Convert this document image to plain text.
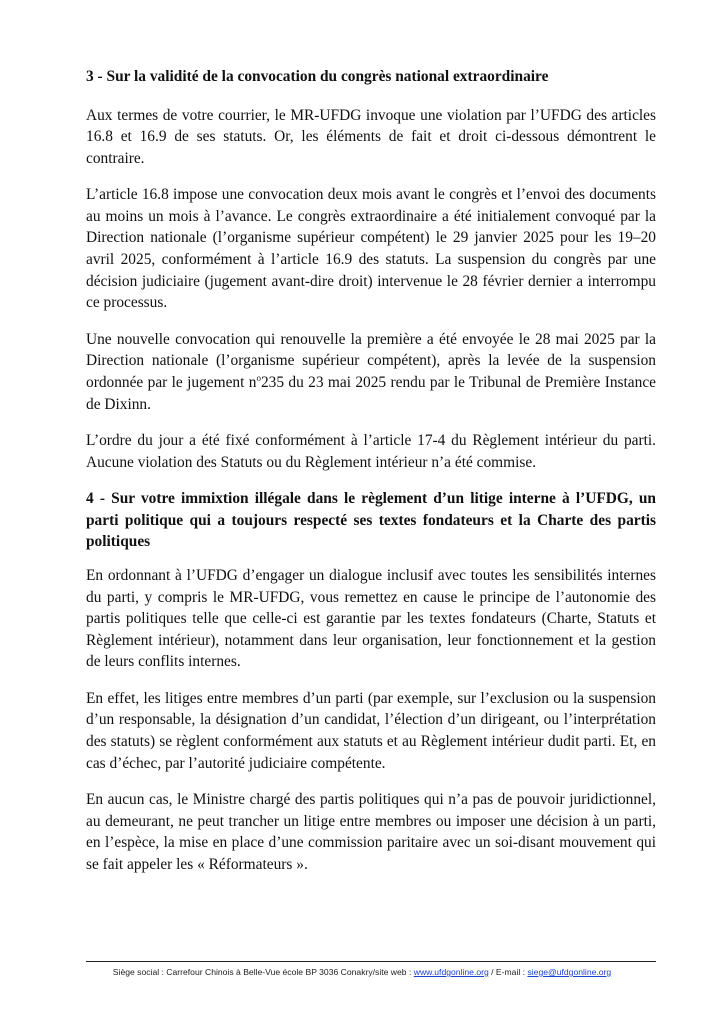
3 - Sur la validité de la convocation du congrès national extraordinaire

Aux termes de votre courrier, le MR-UFDG invoque une violation par l’UFDG des articles 16.8 et 16.9 de ses statuts. Or, les éléments de fait et droit ci-dessous démontrent le contraire.

L’article 16.8 impose une convocation deux mois avant le congrès et l’envoi des documents au moins un mois à l’avance. Le congrès extraordinaire a été initialement convoqué par la Direction nationale (l’organisme supérieur compétent) le 29 janvier 2025 pour les 19–20 avril 2025, conformément à l’article 16.9 des statuts. La suspension du congrès par une décision judiciaire (jugement avant-dire droit) intervenue le 28 février dernier a interrompu ce processus.

Une nouvelle convocation qui renouvelle la première a été envoyée le 28 mai 2025 par la Direction nationale (l’organisme supérieur compétent), après la levée de la suspension ordonnée par le jugement $n^o235$ du 23 mai 2025 rendu par le Tribunal de Première Instance de Dixinn.

L’ordre du jour a été fixé conformément à l’article 17-4 du Règlement intérieur du parti. Aucune violation des Statuts ou du Règlement intérieur n’a été commise.

4 - Sur votre immixtion illégale dans le règlement d’un litige interne à l’UFDG, un parti politique qui a toujours respecté ses textes fondateurs et la Charte des partis politiques

En ordonnant à l’UFDG d’engager un dialogue inclusif avec toutes les sensibilités internes du parti, y compris le MR-UFDG, vous remettez en cause le principe de l’autonomie des partis politiques telle que celle-ci est garantie par les textes fondateurs (Charte, Statuts et Règlement intérieur), notamment dans leur organisation, leur fonctionnement et la gestion de leurs conflits internes.

En effet, les litiges entre membres d’un parti (par exemple, sur l’exclusion ou la suspension d’un responsable, la désignation d’un candidat, l’élection d’un dirigeant, ou l’interprétation des statuts) se règlent conformément aux statuts et au Règlement intérieur dudit parti. Et, en cas d’échec, par l’autorité judiciaire compétente.

En aucun cas, le Ministre chargé des partis politiques qui n’a pas de pouvoir juridictionnel, au demeurant, ne peut trancher un litige entre membres ou imposer une décision à un parti, en l’espèce, la mise en place d’une commission paritaire avec un soi-disant mouvement qui se fait appeler les « Réformateurs ».

Siège social : Carrefour Chinois à Belle-Vue école BP 3036 Conakry/site web : www.ufdgonline.org / E-mail : siege@ufdgonline.org
